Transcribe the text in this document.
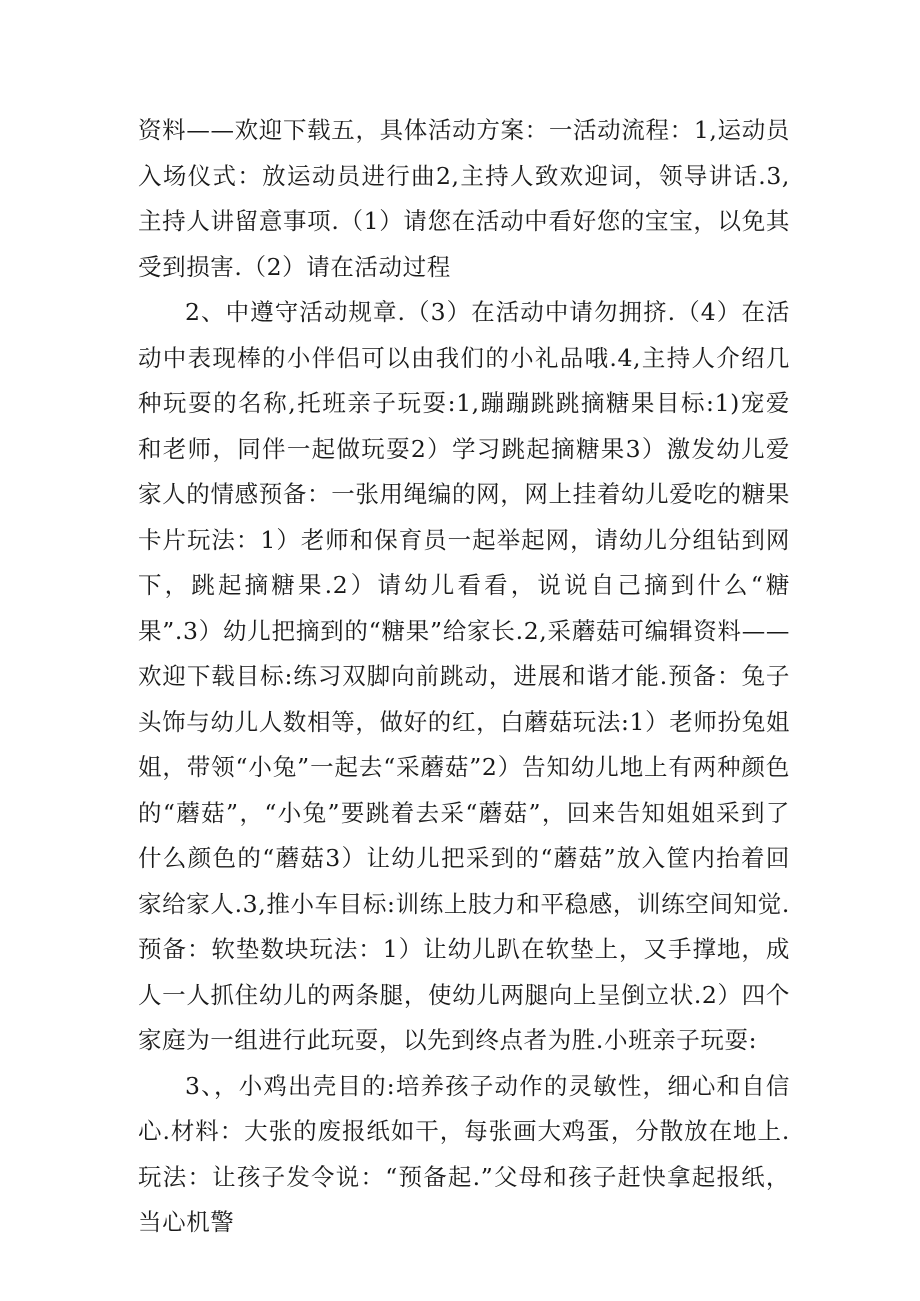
资料——欢迎下载五，具体活动方案：一活动流程：1,运动员入场仪式：放运动员进行曲2,主持人致欢迎词，领导讲话.3,主持人讲留意事项.（1）请您在活动中看好您的宝宝，以免其受到损害.（2）请在活动过程

2、中遵守活动规章.（3）在活动中请勿拥挤.（4）在活动中表现棒的小伴侣可以由我们的小礼品哦.4,主持人介绍几种玩耍的名称,托班亲子玩耍:1,蹦蹦跳跳摘糖果目标:1)宠爱和老师，同伴一起做玩耍2）学习跳起摘糖果3）激发幼儿爱家人的情感预备：一张用绳编的网，网上挂着幼儿爱吃的糖果卡片玩法：1）老师和保育员一起举起网，请幼儿分组钻到网下，跳起摘糖果.2）请幼儿看看，说说自己摘到什么“糖果”.3）幼儿把摘到的“糖果”给家长.2,采蘑菇可编辑资料——欢迎下载目标:练习双脚向前跳动，进展和谐才能.预备：兔子头饰与幼儿人数相等，做好的红，白蘑菇玩法:1）老师扮兔姐姐，带领“小兔”一起去“采蘑菇”2）告知幼儿地上有两种颜色的“蘑菇”，“小兔”要跳着去采“蘑菇”，回来告知姐姐采到了什么颜色的“蘑菇3）让幼儿把采到的“蘑菇”放入筐内抬着回家给家人.3,推小车目标:训练上肢力和平稳感，训练空间知觉.预备：软垫数块玩法：1）让幼儿趴在软垫上，又手撑地，成人一人抓住幼儿的两条腿，使幼儿两腿向上呈倒立状.2）四个家庭为一组进行此玩耍，以先到终点者为胜.小班亲子玩耍:

3、，小鸡出壳目的:培养孩子动作的灵敏性，细心和自信心.材料：大张的废报纸如干，每张画大鸡蛋，分散放在地上.玩法：让孩子发令说：“预备起.”父母和孩子赶快拿起报纸，当心机警
